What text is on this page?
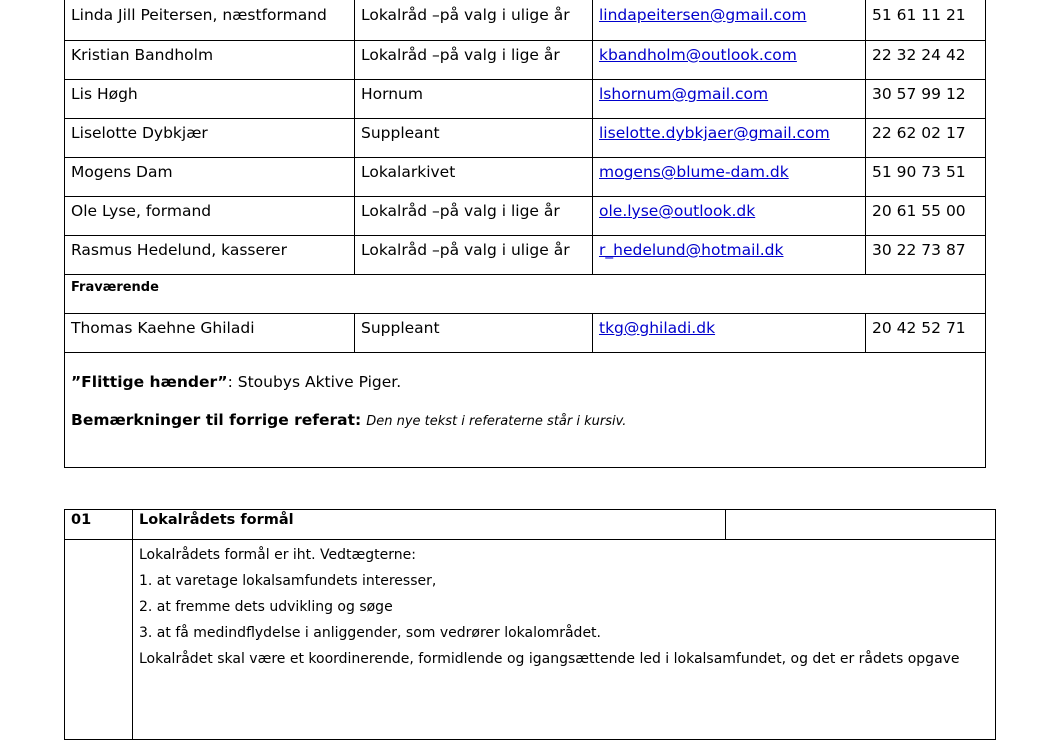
Linda Jill Peitersen, næstformand	Lokalråd –på valg i ulige år	lindapeitersen@gmail.com	51 61 11 21
Kristian Bandholm	Lokalråd –på valg i lige år	kbandholm@outlook.com	22 32 24 42
Lis Høgh	Hornum	lshornum@gmail.com	30 57 99 12
Liselotte Dybkjær	Suppleant	liselotte.dybkjaer@gmail.com	22 62 02 17
Mogens Dam	Lokalarkivet	mogens@blume-dam.dk	51 90 73 51
Ole Lyse, formand	Lokalråd –på valg i lige år	ole.lyse@outlook.dk	20 61 55 00
Rasmus Hedelund, kasserer	Lokalråd –på valg i ulige år	r_hedelund@hotmail.dk	30 22 73 87
Fraværende			
Thomas Kaehne Ghiladi	Suppleant	tkg@ghiladi.dk	20 42 52 71

”Flittige hænder”: Stoubys Aktive Piger.
Bemærkninger til forrige referat: Den nye tekst i referaterne står i kursiv.			
01	Lokalrådets formål	

	Lokalrådets formål er iht. Vedtægterne:
1. at varetage lokalsamfundets interesser,
2. at fremme dets udvikling og søge
3. at få medindflydelse i anliggender, som vedrører lokalområdet.
Lokalrådet skal være et koordinerende, formidlende og igangsættende led i lokalsamfundet, og det er rådets opgave	
